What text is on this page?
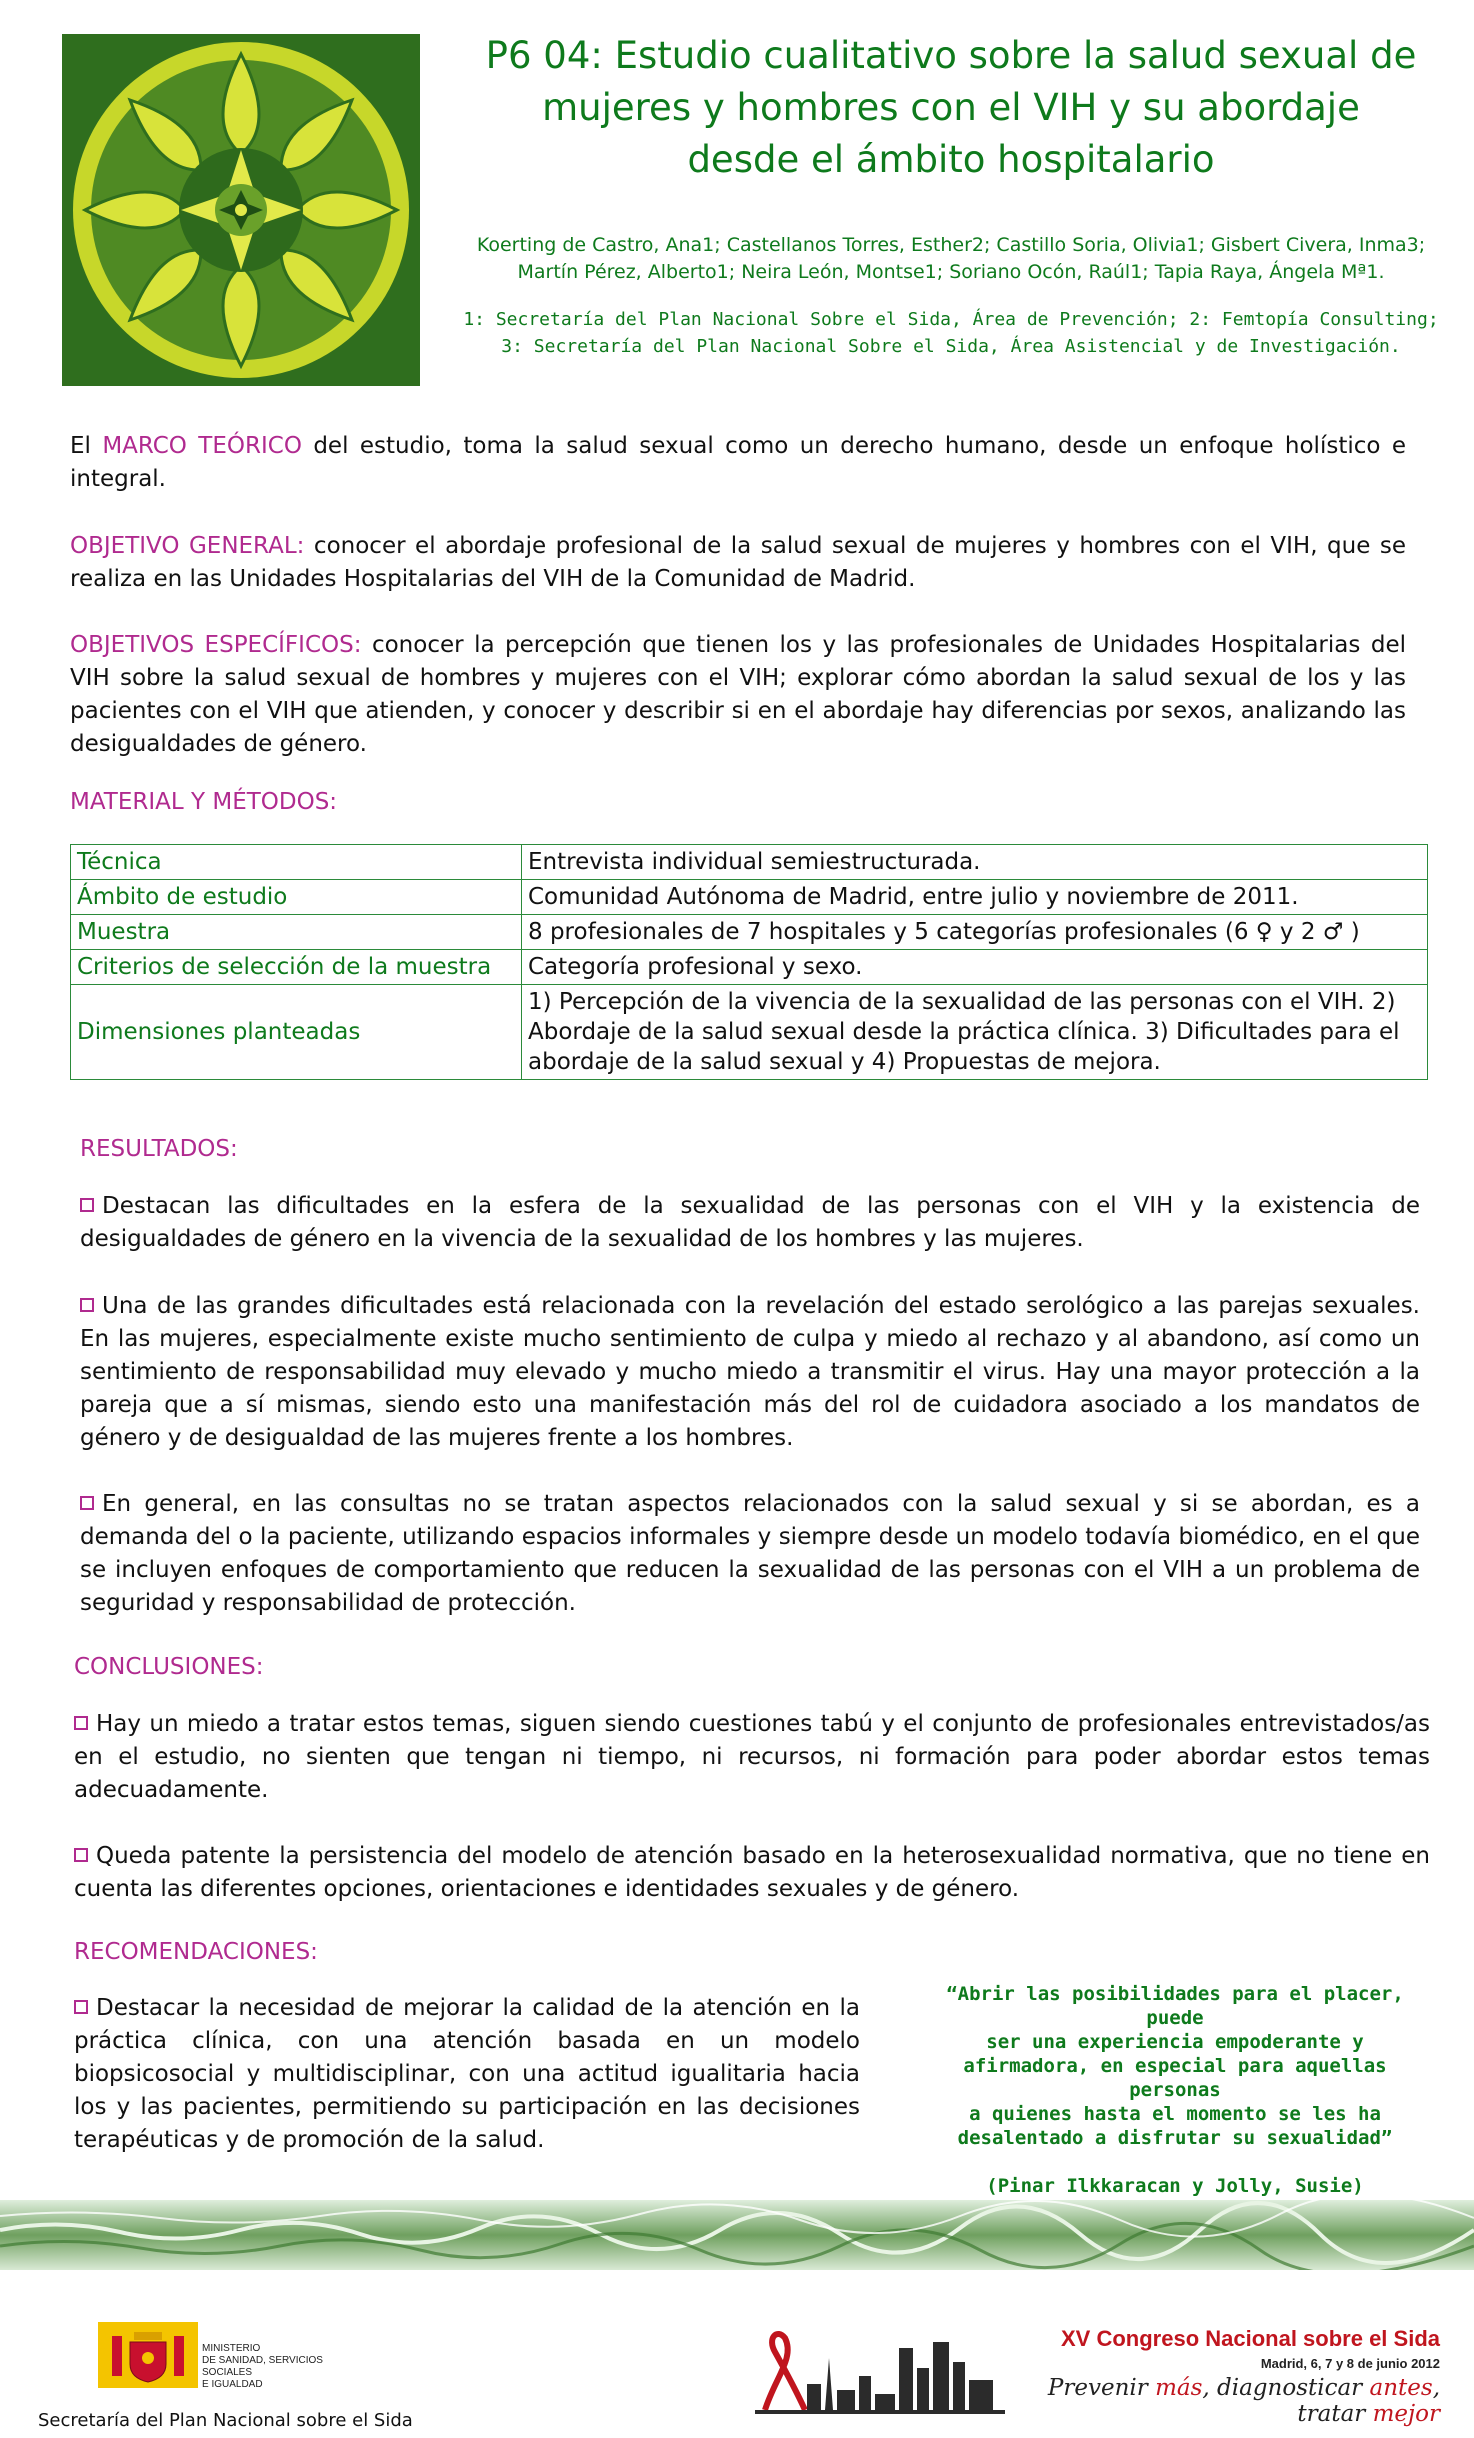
P6 04: Estudio cualitativo sobre la salud sexual de
mujeres y hombres con el VIH y su abordaje
desde el ámbito hospitalario
Koerting de Castro, Ana1; Castellanos Torres, Esther2; Castillo Soria, Olivia1; Gisbert Civera, Inma3;
Martín Pérez, Alberto1; Neira León, Montse1; Soriano Ocón, Raúl1; Tapia Raya, Ángela Mª1.
1: Secretaría del Plan Nacional Sobre el Sida, Área de Prevención; 2: Femtopía Consulting;
3: Secretaría del Plan Nacional Sobre el Sida, Área Asistencial y de Investigación.
El MARCO TEÓRICO del estudio, toma la salud sexual como un derecho humano, desde un enfoque holístico e integral.
OBJETIVO GENERAL: conocer el abordaje profesional de la salud sexual de mujeres y hombres con el VIH, que se realiza en las Unidades Hospitalarias del VIH de la Comunidad de Madrid.
OBJETIVOS ESPECÍFICOS: conocer la percepción que tienen los y las profesionales de Unidades Hospitalarias del VIH sobre la salud sexual de hombres y mujeres con el VIH; explorar cómo abordan la salud sexual de los y las pacientes con el VIH que atienden, y conocer y describir si en el abordaje hay diferencias por sexos, analizando las desigualdades de género.
MATERIAL Y MÉTODOS:
Técnica	Entrevista individual semiestructurada.
Ámbito de estudio	Comunidad Autónoma de Madrid, entre julio y noviembre de 2011.
Muestra	8 profesionales de 7 hospitales y 5 categorías profesionales (6 ♀ y 2 ♂ )
Criterios de selección de la muestra	Categoría profesional y sexo.
Dimensiones planteadas	1) Percepción de la vivencia de la sexualidad de las personas con el VIH. 2) Abordaje de la salud sexual desde la práctica clínica. 3) Dificultades para el abordaje de la salud sexual y 4) Propuestas de mejora.
RESULTADOS:
Destacan las dificultades en la esfera de la sexualidad de las personas con el VIH y la existencia de desigualdades de género en la vivencia de la sexualidad de los hombres y las mujeres.
Una de las grandes dificultades está relacionada con la revelación del estado serológico a las parejas sexuales. En las mujeres, especialmente existe mucho sentimiento de culpa y miedo al rechazo y al abandono, así como un sentimiento de responsabilidad muy elevado y mucho miedo a transmitir el virus. Hay una mayor protección a la pareja que a sí mismas, siendo esto una manifestación más del rol de cuidadora asociado a los mandatos de género y de desigualdad de las mujeres frente a los hombres.
En general, en las consultas no se tratan aspectos relacionados con la salud sexual y si se abordan, es a demanda del o la paciente, utilizando espacios informales y siempre desde un modelo todavía biomédico, en el que se incluyen enfoques de comportamiento que reducen la sexualidad de las personas con el VIH a un problema de seguridad y responsabilidad de protección.
CONCLUSIONES:
Hay un miedo a tratar estos temas, siguen siendo cuestiones tabú y el conjunto de profesionales entrevistados/as en el estudio, no sienten que tengan ni tiempo, ni recursos, ni formación para poder abordar estos temas adecuadamente.
Queda patente la persistencia del modelo de atención basado en la heterosexualidad normativa, que no tiene en cuenta las diferentes opciones, orientaciones e identidades sexuales y de género.
RECOMENDACIONES:
Destacar la necesidad de mejorar la calidad de la atención en la práctica clínica, con una atención basada en un modelo biopsicosocial y multidisciplinar, con una actitud igualitaria hacia los y las pacientes, permitiendo su participación en las decisiones terapéuticas y de promoción de la salud.
“Abrir las posibilidades para el placer, puede
ser una experiencia empoderante y
afirmadora, en especial para aquellas personas
a quienes hasta el momento se les ha
desalentado a disfrutar su sexualidad”
(Pinar Ilkkaracan y Jolly, Susie)
MINISTERIO
DE SANIDAD, SERVICIOS SOCIALES
E IGUALDAD
Secretaría del Plan Nacional sobre el Sida
XV Congreso Nacional sobre el Sida
Madrid, 6, 7 y 8 de junio 2012
Prevenir más, diagnosticar antes, tratar mejor
